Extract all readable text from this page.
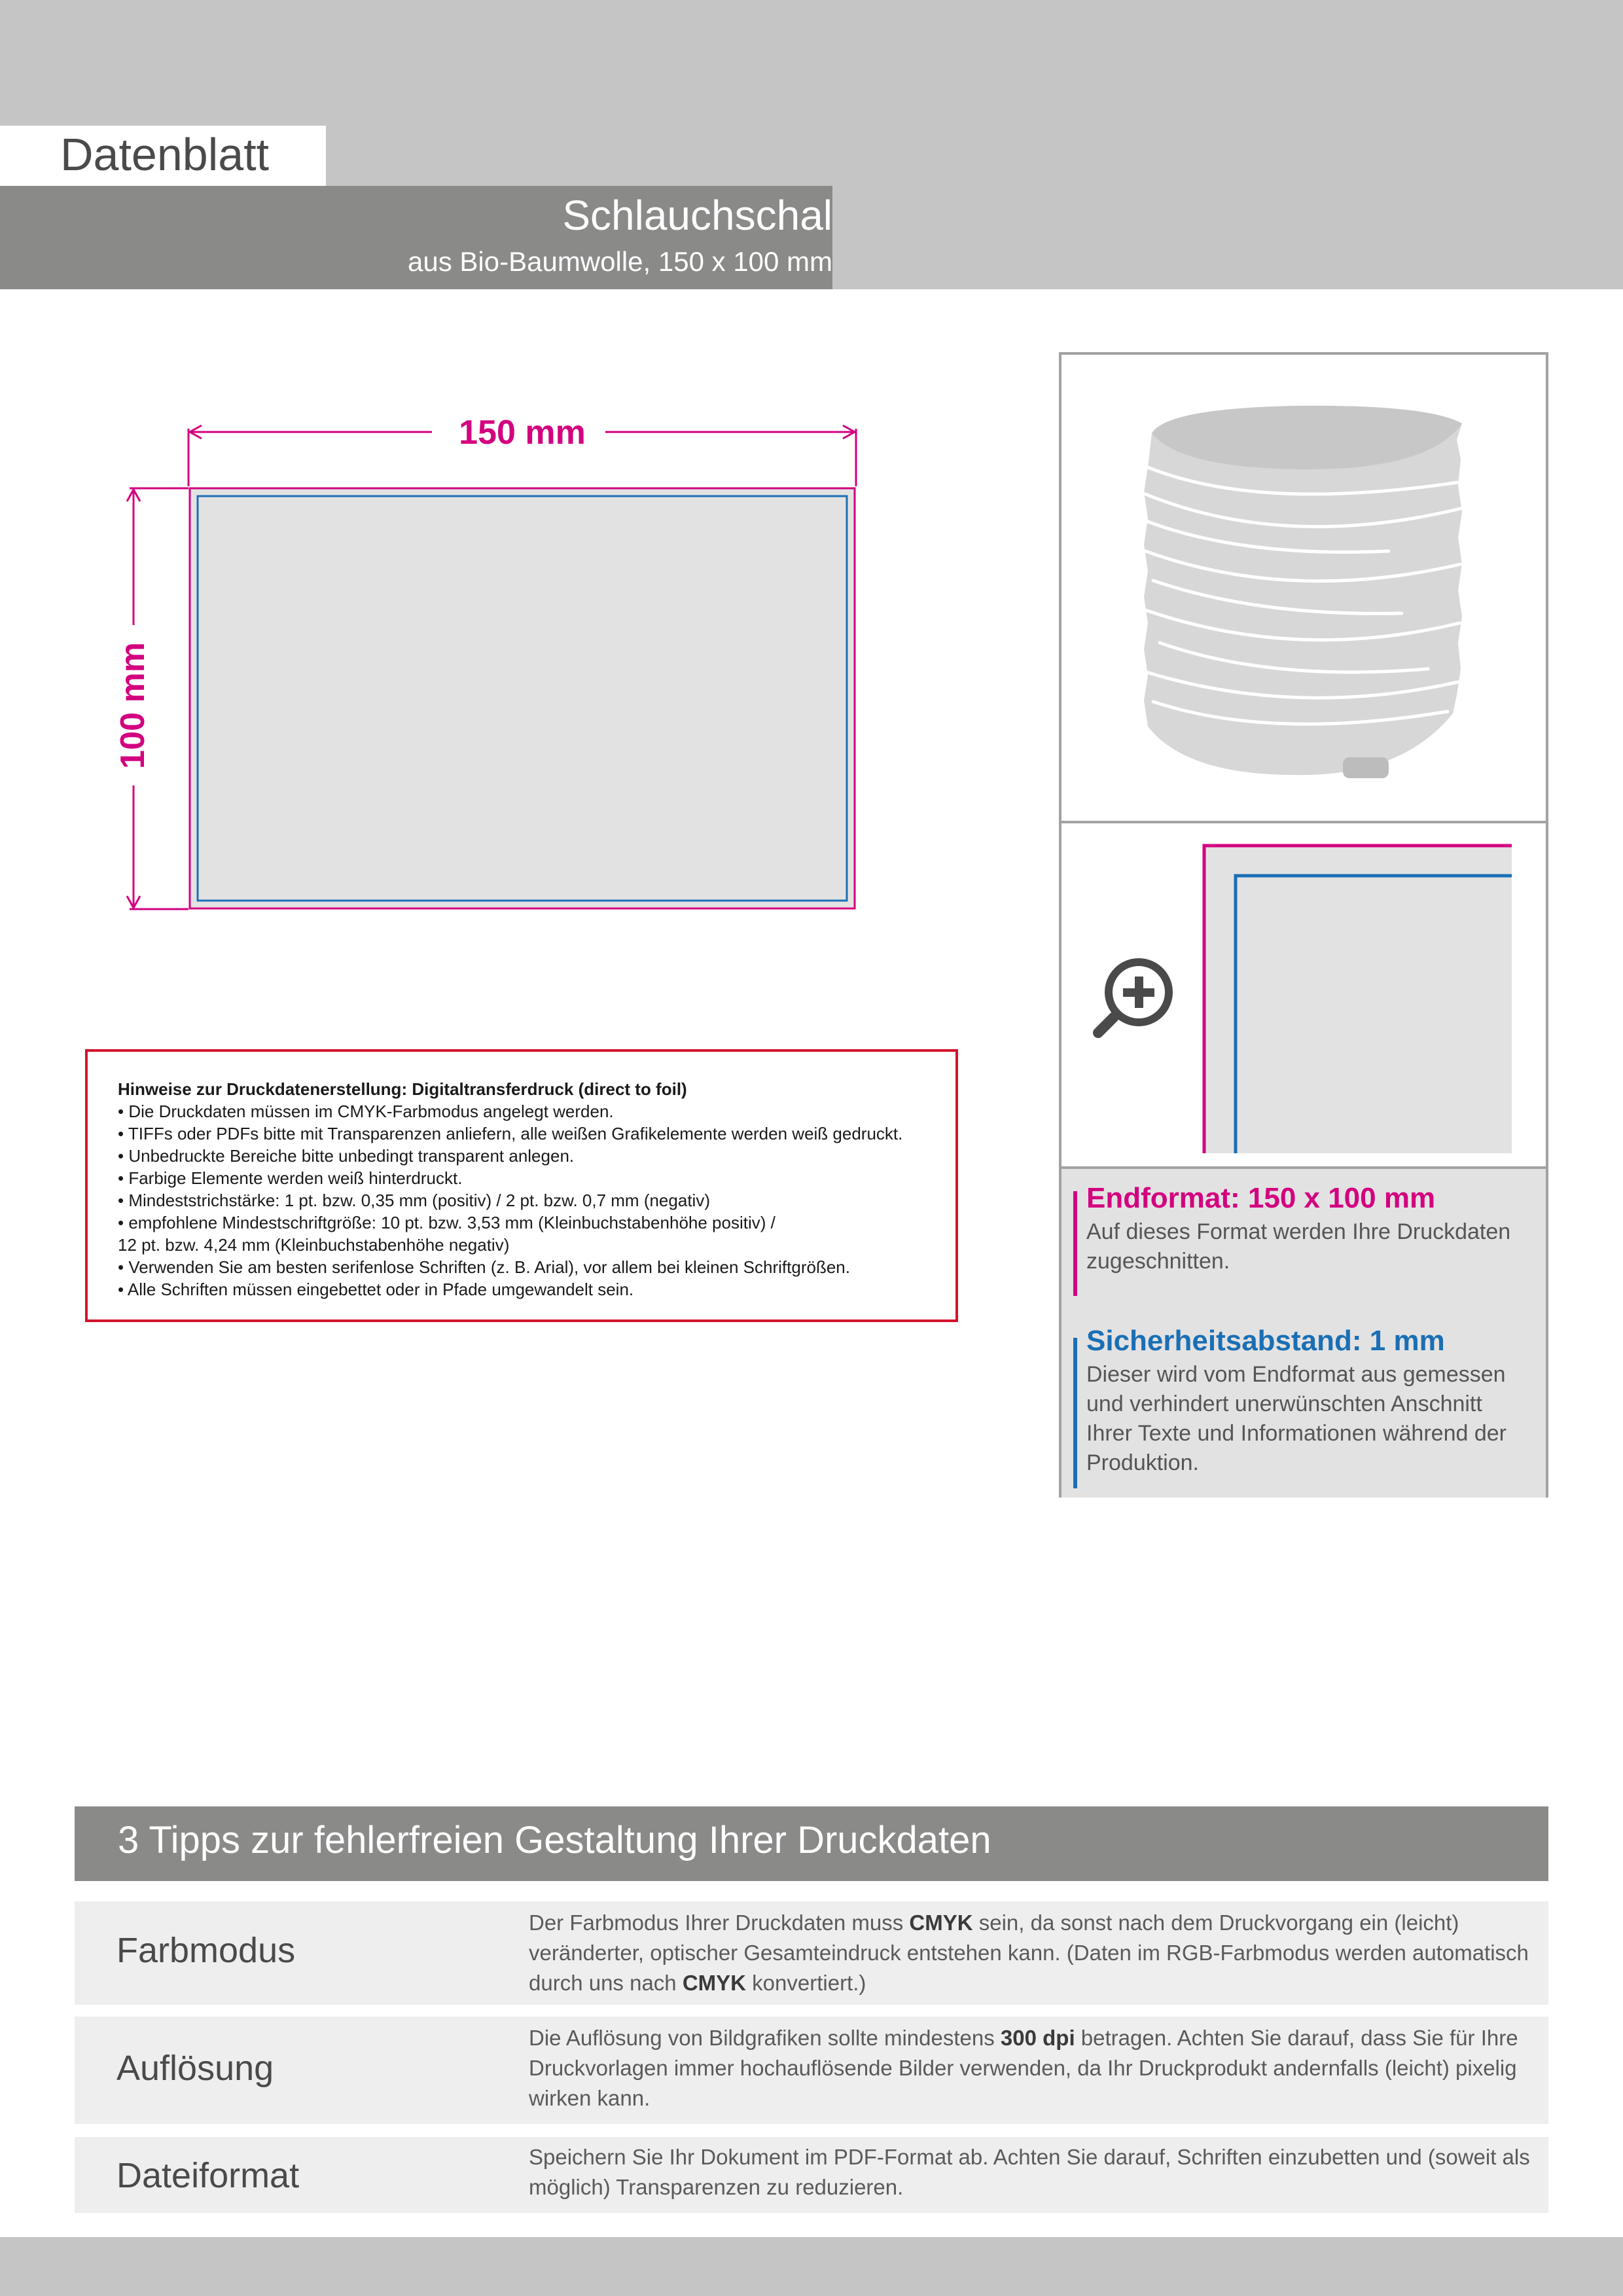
Datenblatt
Schlauchschal
aus Bio-Baumwolle, 150 x 100 mm
150 mm
100 mm
Hinweise zur Druckdatenerstellung: Digitaltransferdruck (direct to foil)
• Die Druckdaten müssen im CMYK-Farbmodus angelegt werden.
• TIFFs oder PDFs bitte mit Transparenzen anliefern, alle weißen Grafikelemente werden weiß gedruckt.
• Unbedruckte Bereiche bitte unbedingt transparent anlegen.
• Farbige Elemente werden weiß hinterdruckt.
• Mindeststrichstärke: 1 pt. bzw. 0,35 mm (positiv) / 2 pt. bzw. 0,7 mm (negativ)
• empfohlene Mindestschriftgröße: 10 pt. bzw. 3,53 mm (Kleinbuchstabenhöhe positiv) /
12 pt. bzw. 4,24 mm (Kleinbuchstabenhöhe negativ)
• Verwenden Sie am besten serifenlose Schriften (z. B. Arial), vor allem bei kleinen Schriftgrößen.
• Alle Schriften müssen eingebettet oder in Pfade umgewandelt sein.
Endformat: 150 x 100 mm
Auf dieses Format werden Ihre Druckdaten zugeschnitten.
Sicherheitsabstand: 1 mm
Dieser wird vom Endformat aus gemessen und verhindert unerwünschten Anschnitt Ihrer Texte und Informationen während der Produktion.
3 Tipps zur fehlerfreien Gestaltung Ihrer Druckdaten
Farbmodus
Der Farbmodus Ihrer Druckdaten muss CMYK sein, da sonst nach dem Druckvorgang ein (leicht) veränderter, optischer Gesamteindruck entstehen kann. (Daten im RGB-Farbmodus werden automatisch durch uns nach CMYK konvertiert.)
Auflösung
Die Auflösung von Bildgrafiken sollte mindestens 300 dpi betragen. Achten Sie darauf, dass Sie für Ihre Druckvorlagen immer hochauflösende Bilder verwenden, da Ihr Druckprodukt andernfalls (leicht) pixelig wirken kann.
Dateiformat	Speichern Sie Ihr Dokument im PDF-Format ab. Achten Sie darauf, Schriften einzubetten und (soweit als möglich) Transparenzen zu reduzieren.
